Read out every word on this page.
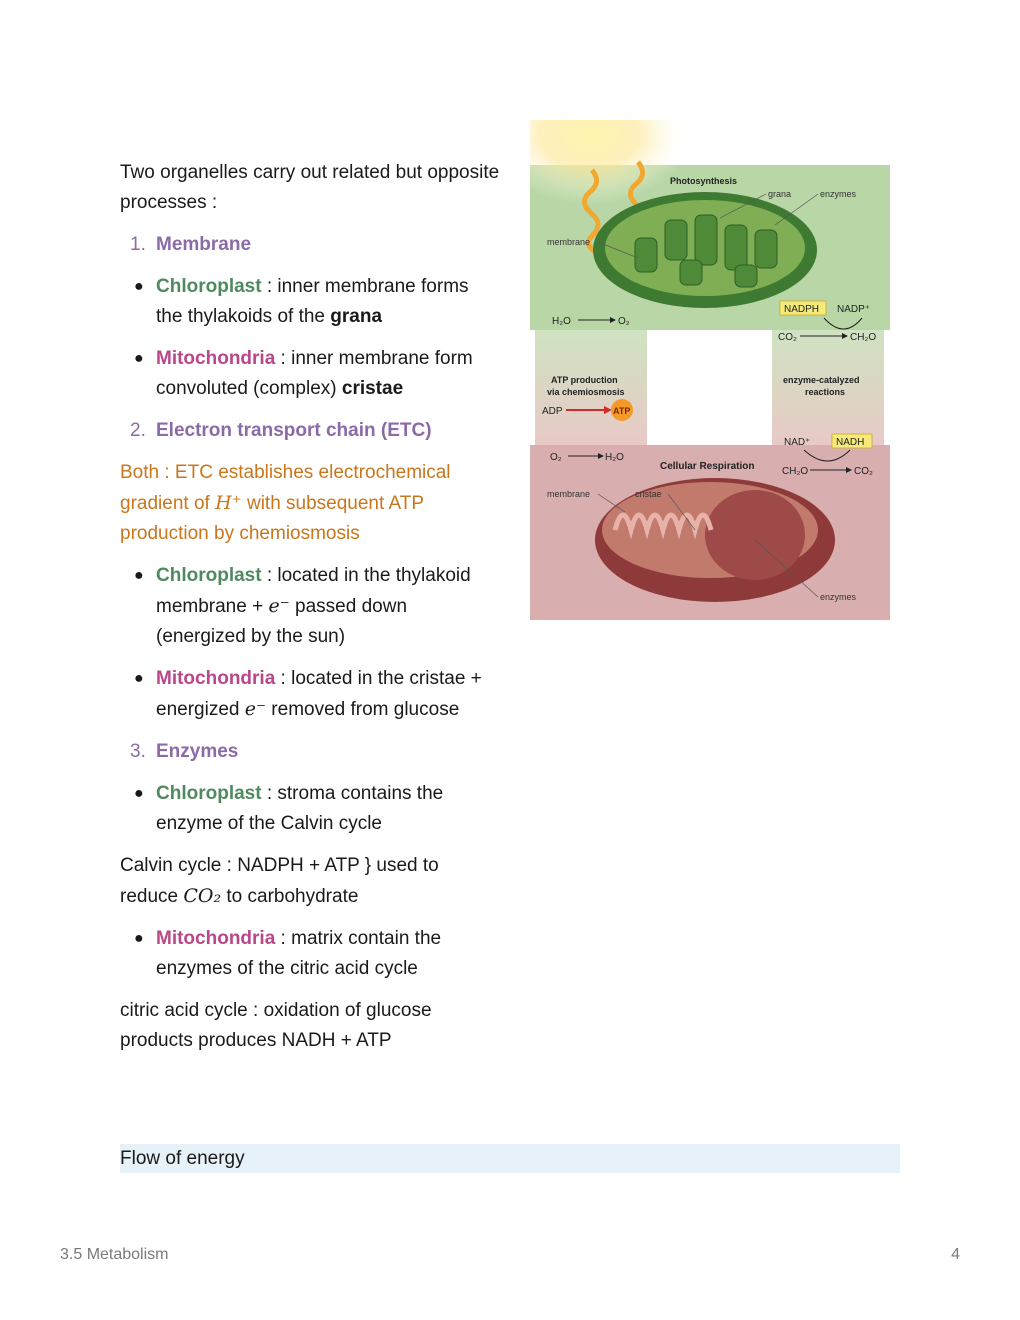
Two organelles carry out related but opposite processes :

1. Membrane
● Chloroplast : inner membrane forms the thylakoids of the grana
● Mitochondria : inner membrane form convoluted (complex) cristae
2. Electron transport chain (ETC)

Both : ETC establishes electrochemical gradient of H⁺ with subsequent ATP production by chemiosmosis

● Chloroplast : located in the thylakoid membrane + e⁻ passed down (energized by the sun)
● Mitochondria : located in the cristae + energized e⁻ removed from glucose
3. Enzymes
● Chloroplast : stroma contains the enzyme of the Calvin cycle

Calvin cycle : NADPH + ATP } used to reduce CO₂ to carbohydrate

● Mitochondria : matrix contain the enzymes of the citric acid cycle

citric acid cycle : oxidation of glucose products produces NADH + ATP

Photosynthesis
grana	enzymes
membrane
H₂O	O₂
NADPH NADP⁺
CO₂	CH₂O
ATP production
via chemiosmosis
ADP	ATP
enzyme-catalyzed
reactions
NAD⁺	NADH
O₂	H₂O
Cellular Respiration	CH₂O	CO₂
membrane	cristae
enzymes
Flow of energy
3.5 Metabolism	4
